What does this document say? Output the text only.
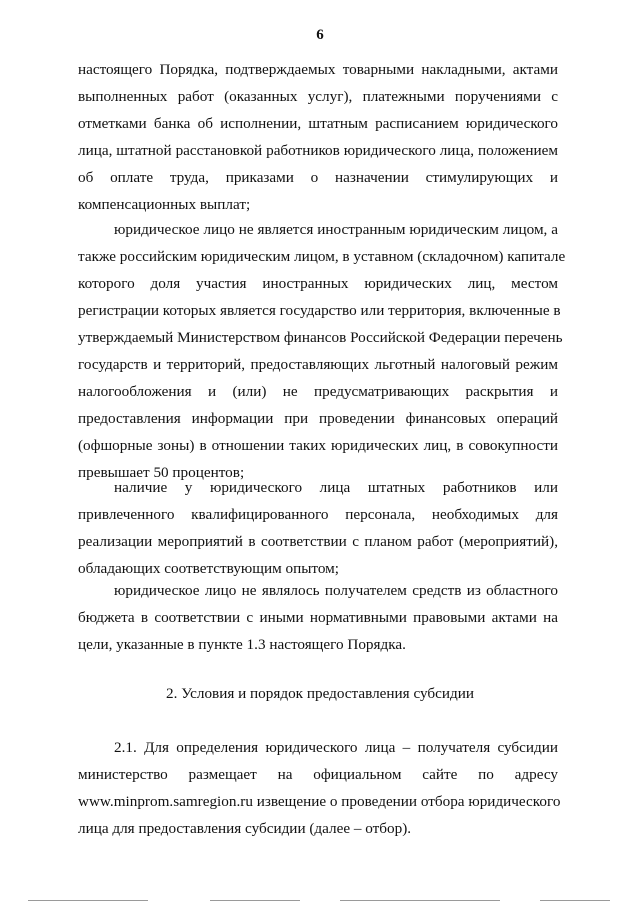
6
настоящего Порядка, подтверждаемых товарными накладными, актами
выполненных работ (оказанных услуг), платежными поручениями с
отметками банка об исполнении, штатным расписанием юридического
лица, штатной расстановкой работников юридического лица, положением
об оплате труда, приказами о назначении стимулирующих и
компенсационных выплат;
юридическое лицо не является иностранным юридическим лицом, а
также российским юридическим лицом, в уставном (складочном) капитале
которого доля участия иностранных юридических лиц, местом
регистрации которых является государство или территория, включенные в
утверждаемый Министерством финансов Российской Федерации перечень
государств и территорий, предоставляющих льготный налоговый режим
налогообложения и (или) не предусматривающих раскрытия и
предоставления информации при проведении финансовых операций
(офшорные зоны) в отношении таких юридических лиц, в совокупности
превышает 50 процентов;
наличие у юридического лица штатных работников или
привлеченного квалифицированного персонала, необходимых для
реализации мероприятий в соответствии с планом работ (мероприятий),
обладающих соответствующим опытом;
юридическое лицо не являлось получателем средств из областного
бюджета в соответствии с иными нормативными правовыми актами на
цели, указанные в пункте 1.3 настоящего Порядка.
2. Условия и порядок предоставления субсидии
2.1. Для определения юридического лица – получателя субсидии
министерство размещает на официальном сайте по адресу
www.minprom.samregion.ru извещение о проведении отбора юридического
лица для предоставления субсидии (далее – отбор).
